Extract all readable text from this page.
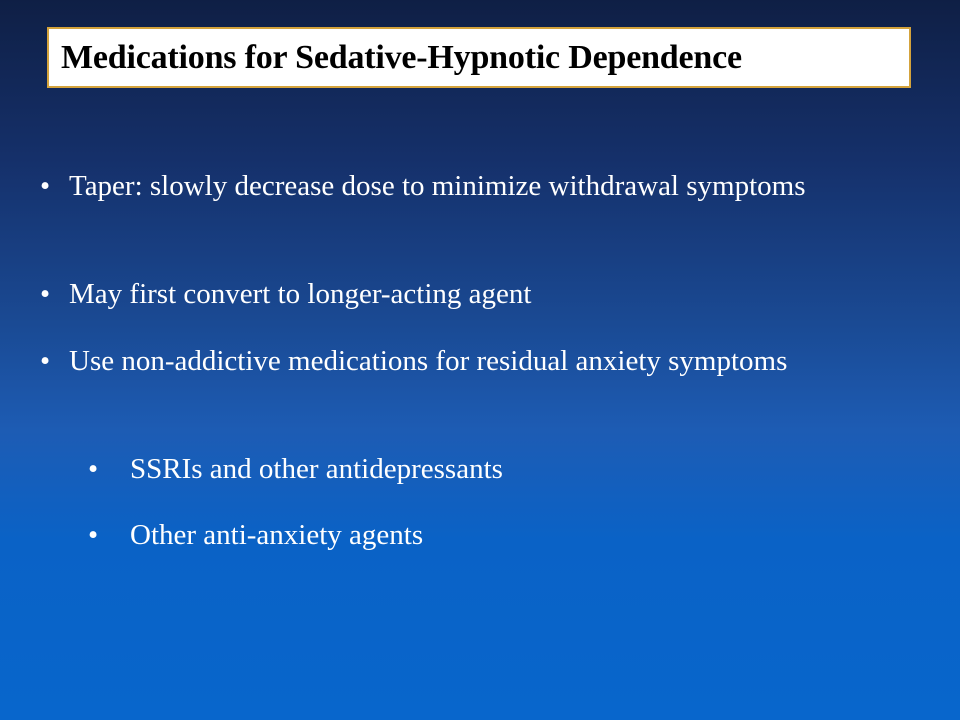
Medications for Sedative-Hypnotic Dependence
• Taper: slowly decrease dose to minimize withdrawal symptoms
• May first convert to longer-acting agent
• Use non-addictive medications for residual anxiety symptoms
• SSRIs and other antidepressants
• Other anti-anxiety agents
